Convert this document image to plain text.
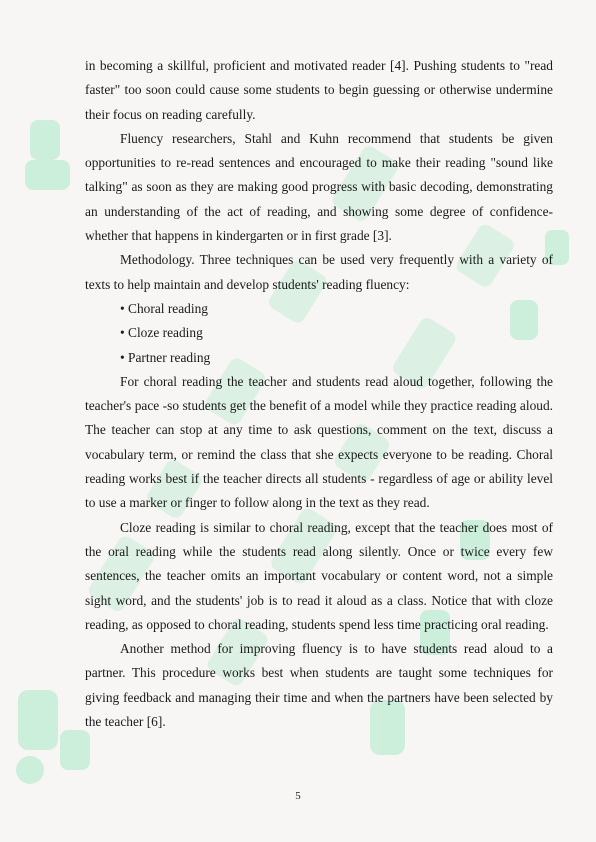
in becoming a skillful, proficient and motivated reader [4]. Pushing students to "read faster" too soon could cause some students to begin guessing or otherwise undermine their focus on reading carefully.

Fluency researchers, Stahl and Kuhn recommend that students be given opportunities to re-read sentences and encouraged to make their reading "sound like talking" as soon as they are making good progress with basic decoding, demonstrating an understanding of the act of reading, and showing some degree of confidence-whether that happens in kindergarten or in first grade [3].

Methodology. Three techniques can be used very frequently with a variety of texts to help maintain and develop students' reading fluency:

• Choral reading
• Cloze reading
• Partner reading

For choral reading the teacher and students read aloud together, following the teacher's pace -so students get the benefit of a model while they practice reading aloud. The teacher can stop at any time to ask questions, comment on the text, discuss a vocabulary term, or remind the class that she expects everyone to be reading. Choral reading works best if the teacher directs all students - regardless of age or ability level to use a marker or finger to follow along in the text as they read.

Cloze reading is similar to choral reading, except that the teacher does most of the oral reading while the students read along silently. Once or twice every few sentences, the teacher omits an important vocabulary or content word, not a simple sight word, and the students' job is to read it aloud as a class. Notice that with cloze reading, as opposed to choral reading, students spend less time practicing oral reading.

Another method for improving fluency is to have students read aloud to a partner. This procedure works best when students are taught some techniques for giving feedback and managing their time and when the partners have been selected by the teacher [6].

5
